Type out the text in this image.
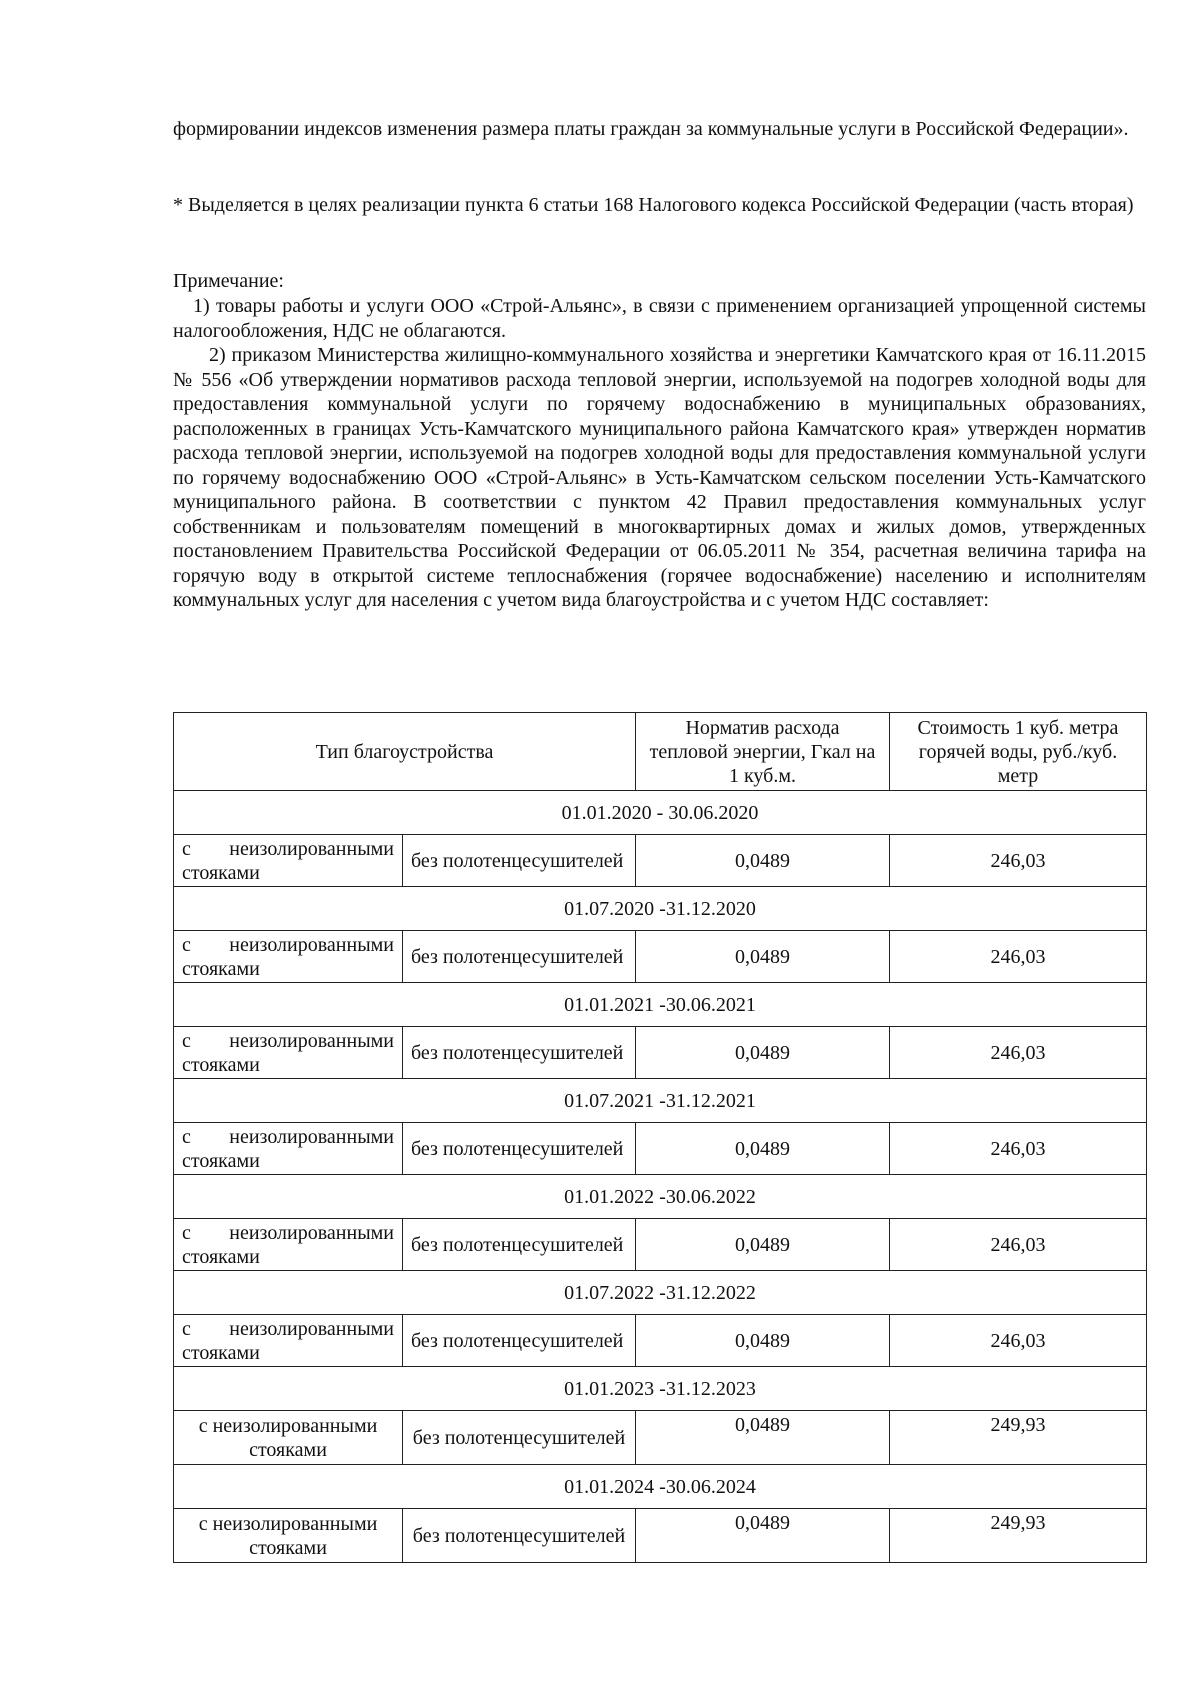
формировании индексов изменения размера платы граждан за коммунальные услуги в Российской Федерации».

* Выделяется в целях реализации пункта 6 статьи 168 Налогового кодекса Российской Федерации (часть вторая)

Примечание:

1) товары работы и услуги ООО «Строй-Альянс», в связи с применением организацией упрощенной системы налогообложения, НДС не облагаются.

2) приказом Министерства жилищно-коммунального хозяйства и энергетики Камчатского края от 16.11.2015 № 556 «Об утверждении нормативов расхода тепловой энергии, используемой на подогрев холодной воды для предоставления коммунальной услуги по горячему водоснабжению в муниципальных образованиях, расположенных в границах Усть-Камчатского муниципального района Камчатского края» утвержден норматив расхода тепловой энергии, используемой на подогрев холодной воды для предоставления коммунальной услуги по горячему водоснабжению ООО «Строй-Альянс» в Усть-Камчатском сельском поселении Усть-Камчатского муниципального района. В соответствии с пунктом 42 Правил предоставления коммунальных услуг собственникам и пользователям помещений в многоквартирных домах и жилых домов, утвержденных постановлением Правительства Российской Федерации от 06.05.2011 № 354, расчетная величина тарифа на горячую воду в открытой системе теплоснабжения (горячее водоснабжение) населению и исполнителям коммунальных услуг для населения с учетом вида благоустройства и с учетом НДС составляет:

Тип благоустройства		Норматив расхода тепловой энергии, Гкал на 1 куб.м.	Стоимость 1 куб. метра горячей воды, руб./куб. метр
01.01.2020 - 30.06.2020			
с неизолированными стояками	без полотенцесушителей	0,0489	246,03
01.07.2020 -31.12.2020			
с неизолированными стояками	без полотенцесушителей	0,0489	246,03
01.01.2021 -30.06.2021			
с неизолированными стояками	без полотенцесушителей	0,0489	246,03
01.07.2021 -31.12.2021			
с неизолированными стояками	без полотенцесушителей	0,0489	246,03
01.01.2022 -30.06.2022			
с неизолированными стояками	без полотенцесушителей	0,0489	246,03
01.07.2022 -31.12.2022			
с неизолированными стояками	без полотенцесушителей	0,0489	246,03
01.01.2023 -31.12.2023			
с неизолированными стояками	без полотенцесушителей	0,0489	249,93
01.01.2024 -30.06.2024			
с неизолированными стояками	без полотенцесушителей	0,0489	249,93
